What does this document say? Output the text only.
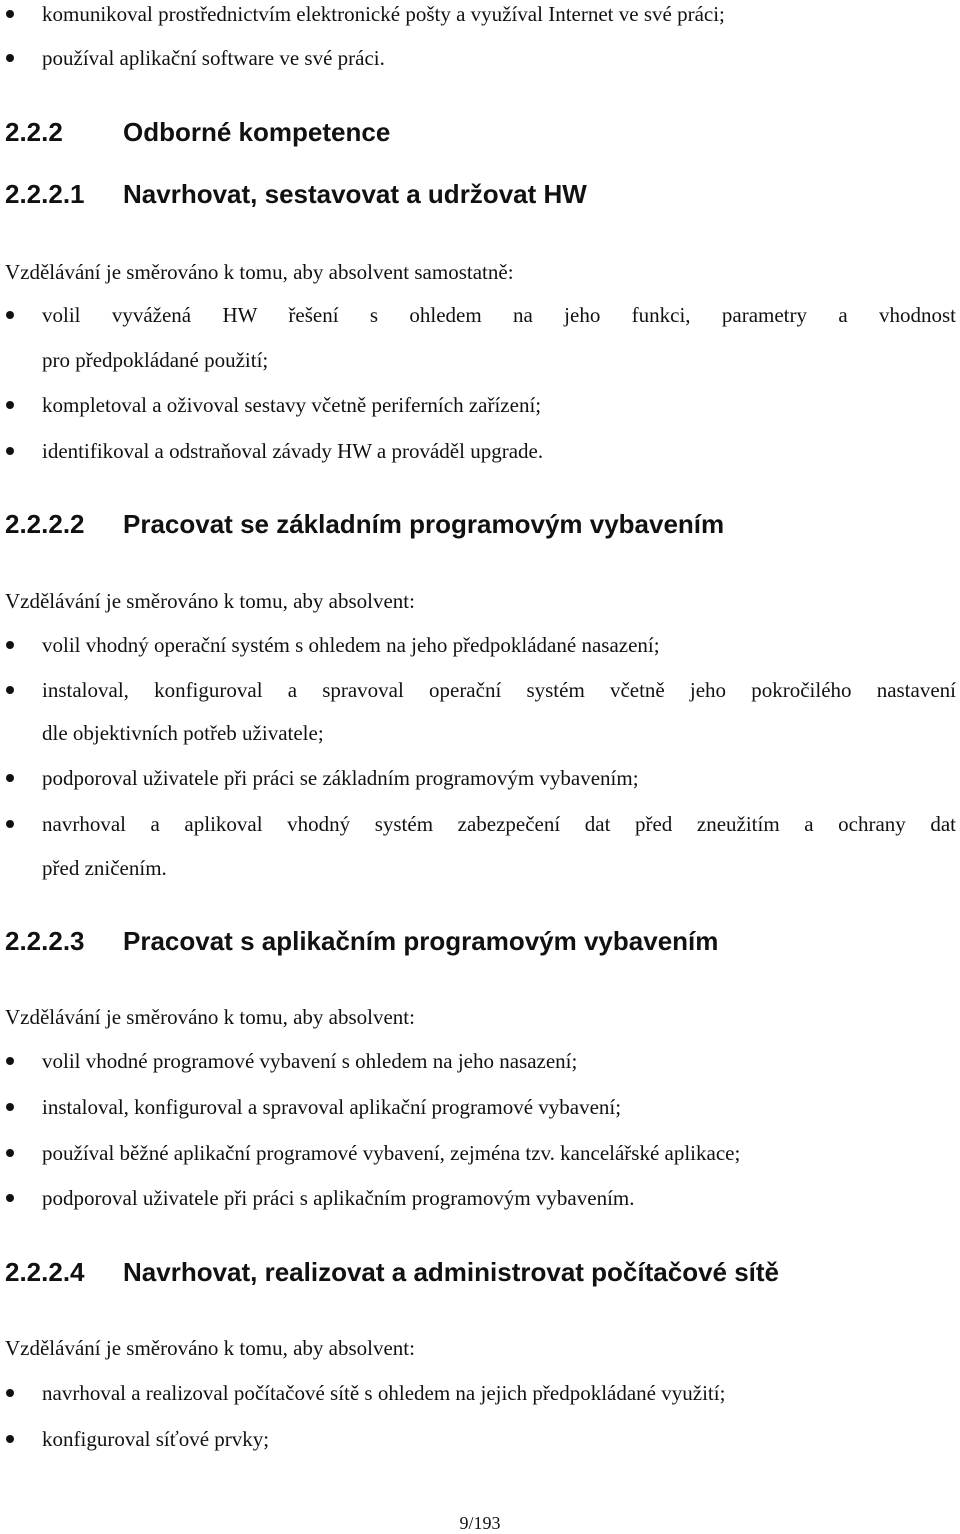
komunikoval prostřednictvím elektronické pošty a využíval Internet ve své práci;
používal aplikační software ve své práci.
2.2.2 Odborné kompetence
2.2.2.1 Navrhovat, sestavovat a udržovat HW
Vzdělávání je směrováno k tomu, aby absolvent samostatně:
volil vyvážená HW řešení s ohledem na jeho funkci, parametry a vhodnost
pro předpokládané použití;
kompletoval a oživoval sestavy včetně periferních zařízení;
identifikoval a odstraňoval závady HW a prováděl upgrade.
2.2.2.2 Pracovat se základním programovým vybavením
Vzdělávání je směrováno k tomu, aby absolvent:
volil vhodný operační systém s ohledem na jeho předpokládané nasazení;
instaloval, konfiguroval a spravoval operační systém včetně jeho pokročilého nastavení
dle objektivních potřeb uživatele;
podporoval uživatele při práci se základním programovým vybavením;
navrhoval a aplikoval vhodný systém zabezpečení dat před zneužitím a ochrany dat
před zničením.
2.2.2.3 Pracovat s aplikačním programovým vybavením
Vzdělávání je směrováno k tomu, aby absolvent:
volil vhodné programové vybavení s ohledem na jeho nasazení;
instaloval, konfiguroval a spravoval aplikační programové vybavení;
používal běžné aplikační programové vybavení, zejména tzv. kancelářské aplikace;
podporoval uživatele při práci s aplikačním programovým vybavením.
2.2.2.4 Navrhovat, realizovat a administrovat počítačové sítě
Vzdělávání je směrováno k tomu, aby absolvent:
navrhoval a realizoval počítačové sítě s ohledem na jejich předpokládané využití;
konfiguroval síťové prvky;
9/193
